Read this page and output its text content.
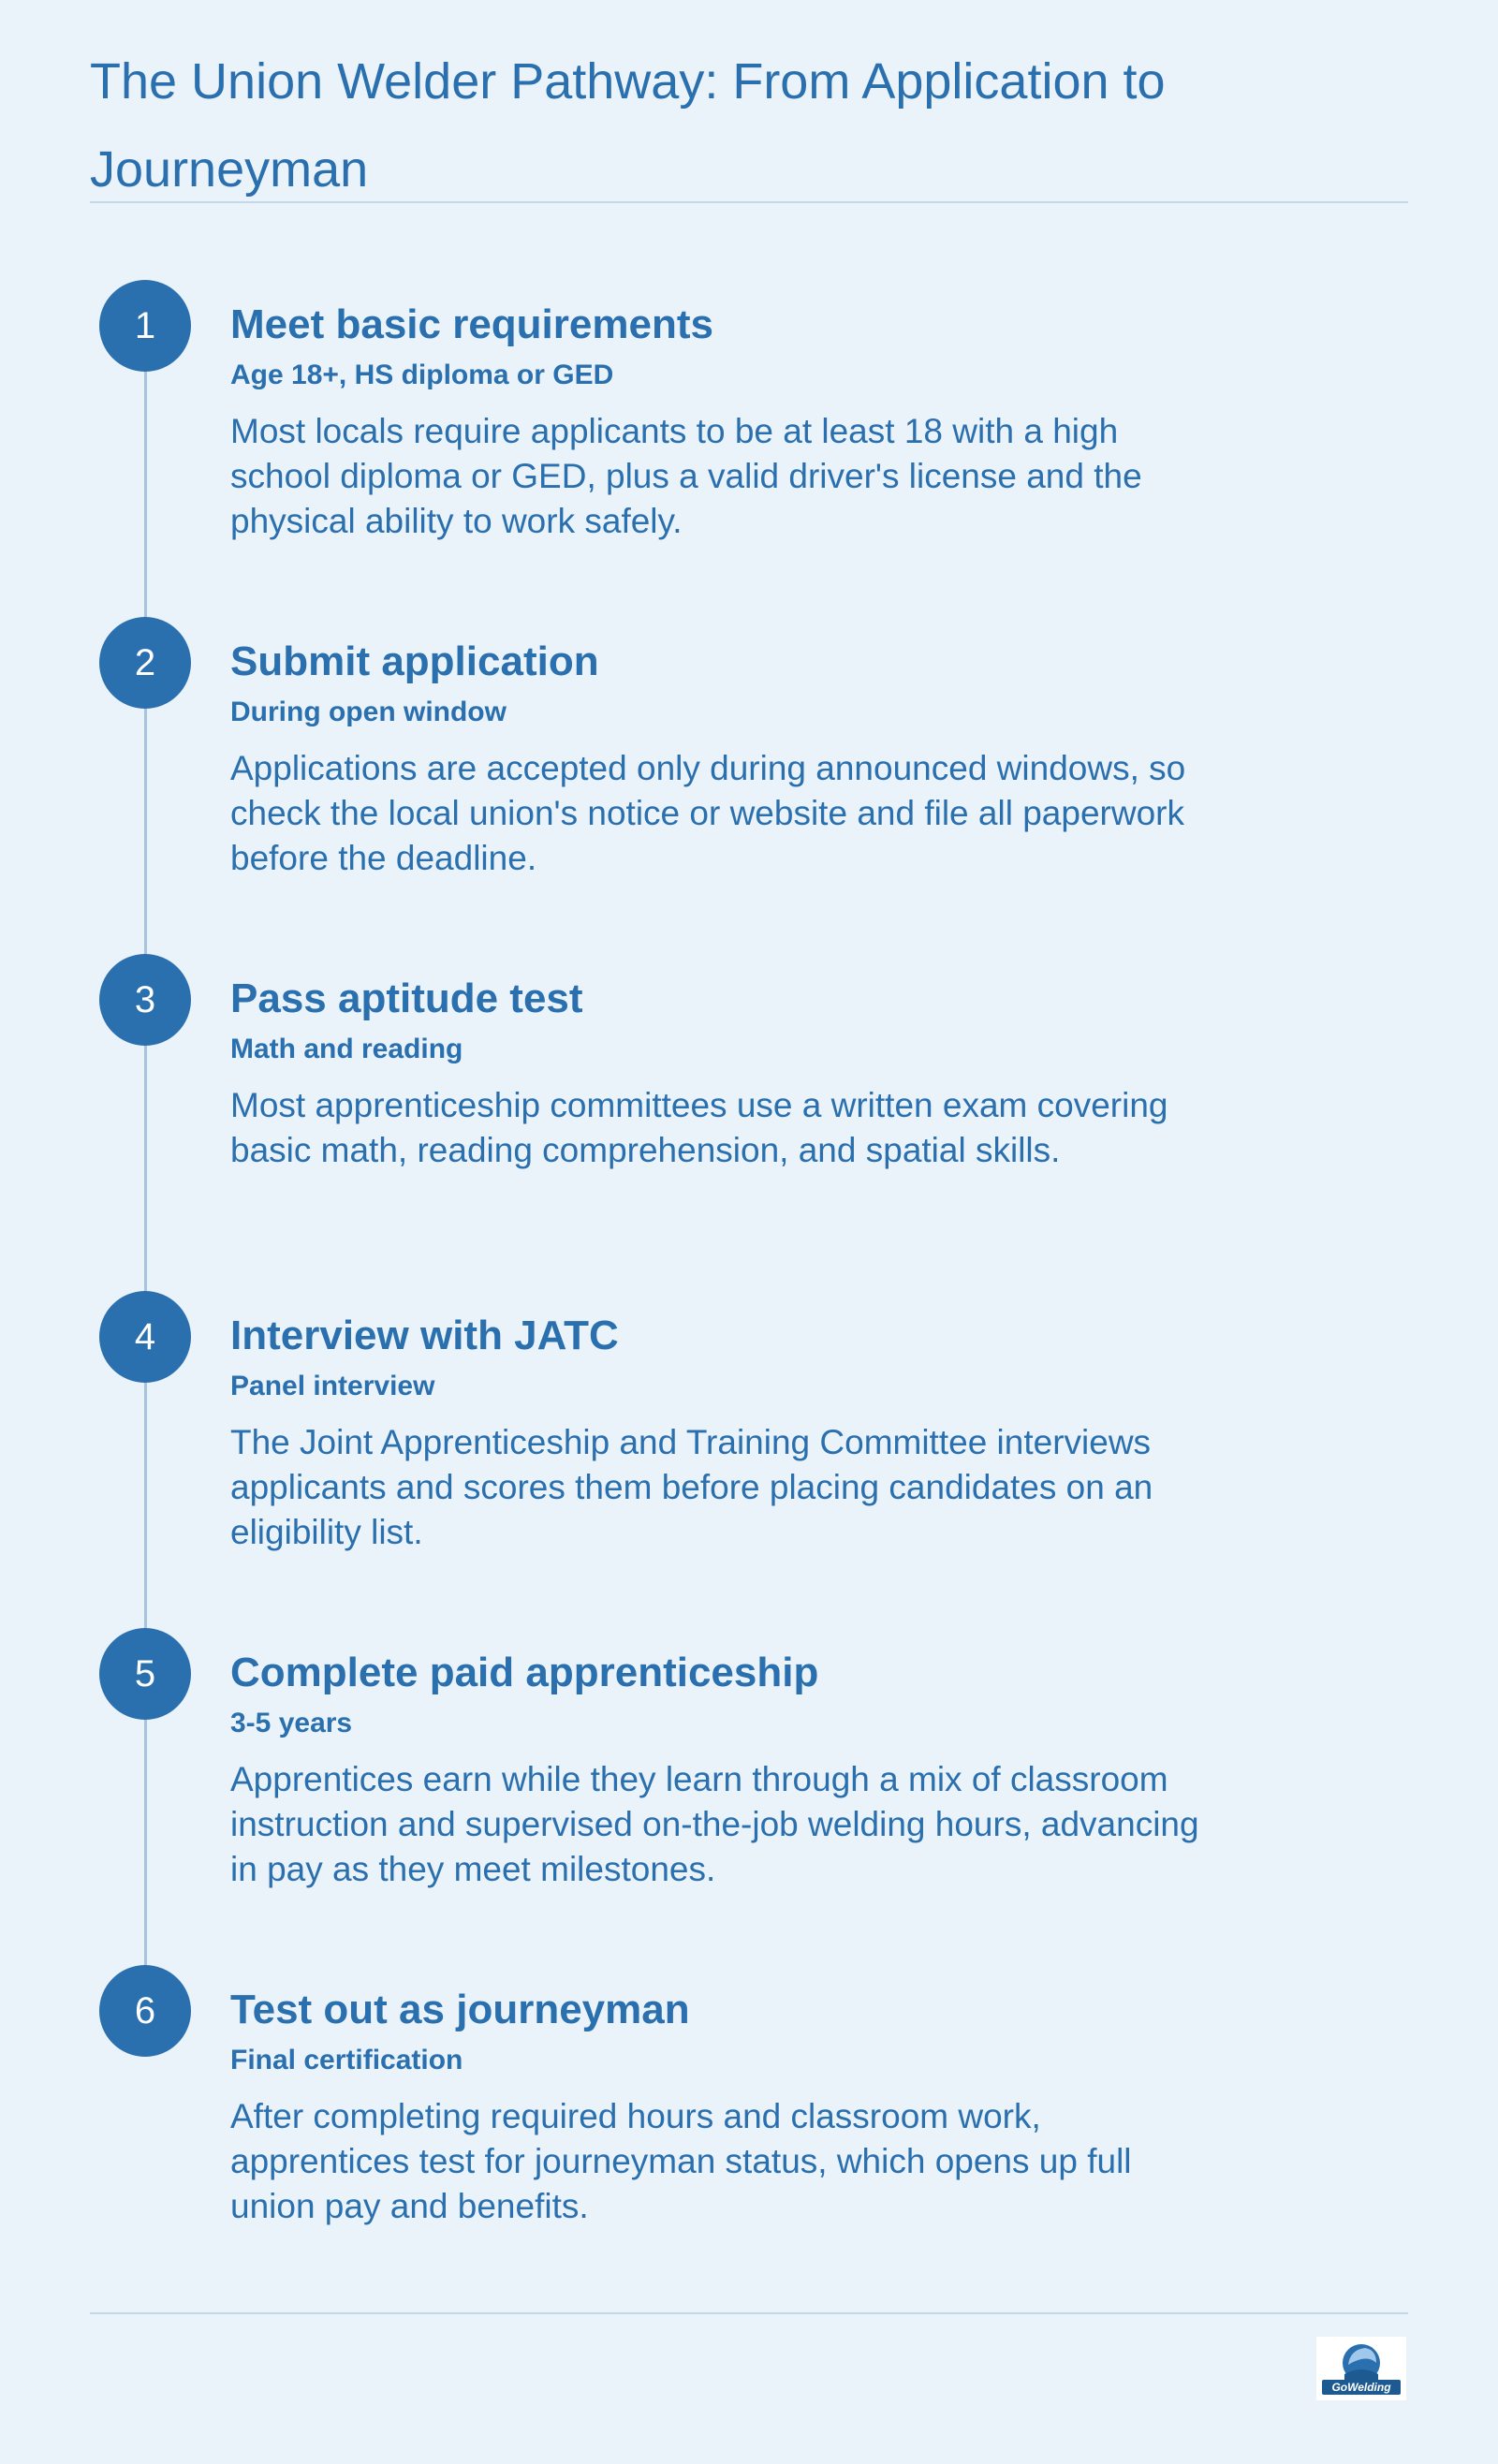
The Union Welder Pathway: From Application to Journeyman
1	Meet basic requirements
Age 18+, HS diploma or GED

Most locals require applicants to be at least 18 with a high school diploma or GED, plus a valid driver's license and the physical ability to work safely.

2	Submit application
During open window

Applications are accepted only during announced windows, so check the local union's notice or website and file all paperwork before the deadline.

3	Pass aptitude test
Math and reading

Most apprenticeship committees use a written exam covering basic math, reading comprehension, and spatial skills.

4	Interview with JATC
Panel interview

The Joint Apprenticeship and Training Committee interviews applicants and scores them before placing candidates on an eligibility list.

5	Complete paid apprenticeship
3-5 years

Apprentices earn while they learn through a mix of classroom instruction and supervised on-the-job welding hours, advancing in pay as they meet milestones.

6	Test out as journeyman
Final certification

After completing required hours and classroom work, apprentices test for journeyman status, which opens up full union pay and benefits.

GoWelding
